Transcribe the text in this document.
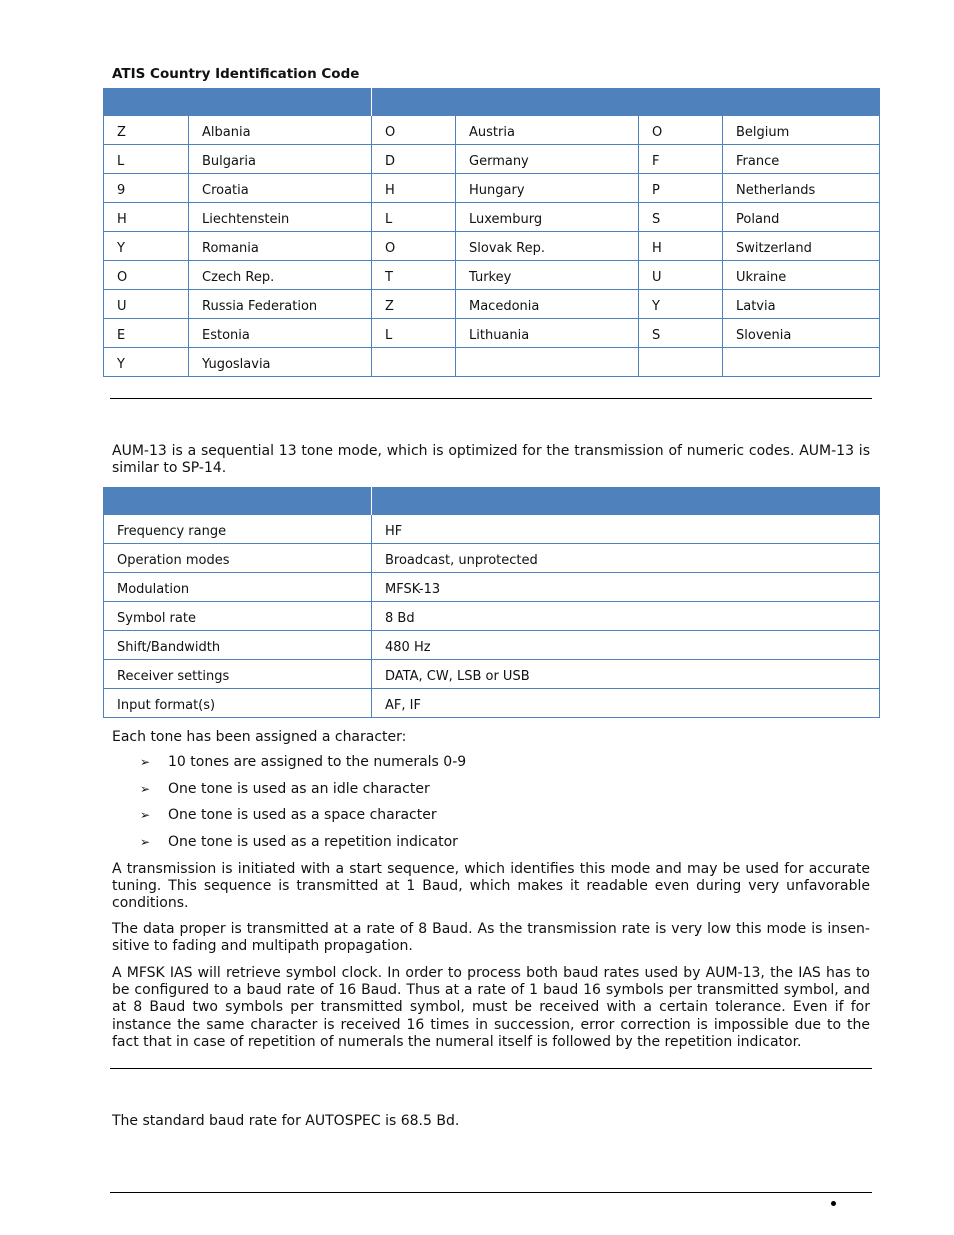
ATIS Country Identification Code

Z	Albania	O	Austria	O	Belgium
L	Bulgaria	D	Germany	F	France
9	Croatia	H	Hungary	P	Netherlands
H	Liechtenstein	L	Luxemburg	S	Poland
Y	Romania	O	Slovak Rep.	H	Switzerland
O	Czech Rep.	T	Turkey	U	Ukraine
U	Russia Federation	Z	Macedonia	Y	Latvia
E	Estonia	L	Lithuania	S	Slovenia
Y	Yugoslavia				

AUM-13 is a sequential 13 tone mode, which is optimized for the transmission of numeric codes. AUM-13 is similar to SP-14.

Frequency range	HF
Operation modes	Broadcast, unprotected
Modulation	MFSK-13
Symbol rate	8 Bd
Shift/Bandwidth	480 Hz
Receiver settings	DATA, CW, LSB or USB
Input format(s)	AF, IF

Each tone has been assigned a character:

➢ 10 tones are assigned to the numerals 0-9
➢ One tone is used as an idle character
➢ One tone is used as a space character
➢ One tone is used as a repetition indicator

A transmission is initiated with a start sequence, which identifies this mode and may be used for accurate tuning. This sequence is transmitted at 1 Baud, which makes it readable even during very unfavorable conditions.

The data proper is transmitted at a rate of 8 Baud. As the transmission rate is very low this mode is insen-sitive to fading and multipath propagation.

A MFSK IAS will retrieve symbol clock. In order to process both baud rates used by AUM-13, the IAS has to be configured to a baud rate of 16 Baud. Thus at a rate of 1 baud 16 symbols per transmitted symbol, and at 8 Baud two symbols per transmitted symbol, must be received with a certain tolerance. Even if for instance the same character is received 16 times in succession, error correction is impossible due to the fact that in case of repetition of numerals the numeral itself is followed by the repetition indicator.

The standard baud rate for AUTOSPEC is 68.5 Bd.
